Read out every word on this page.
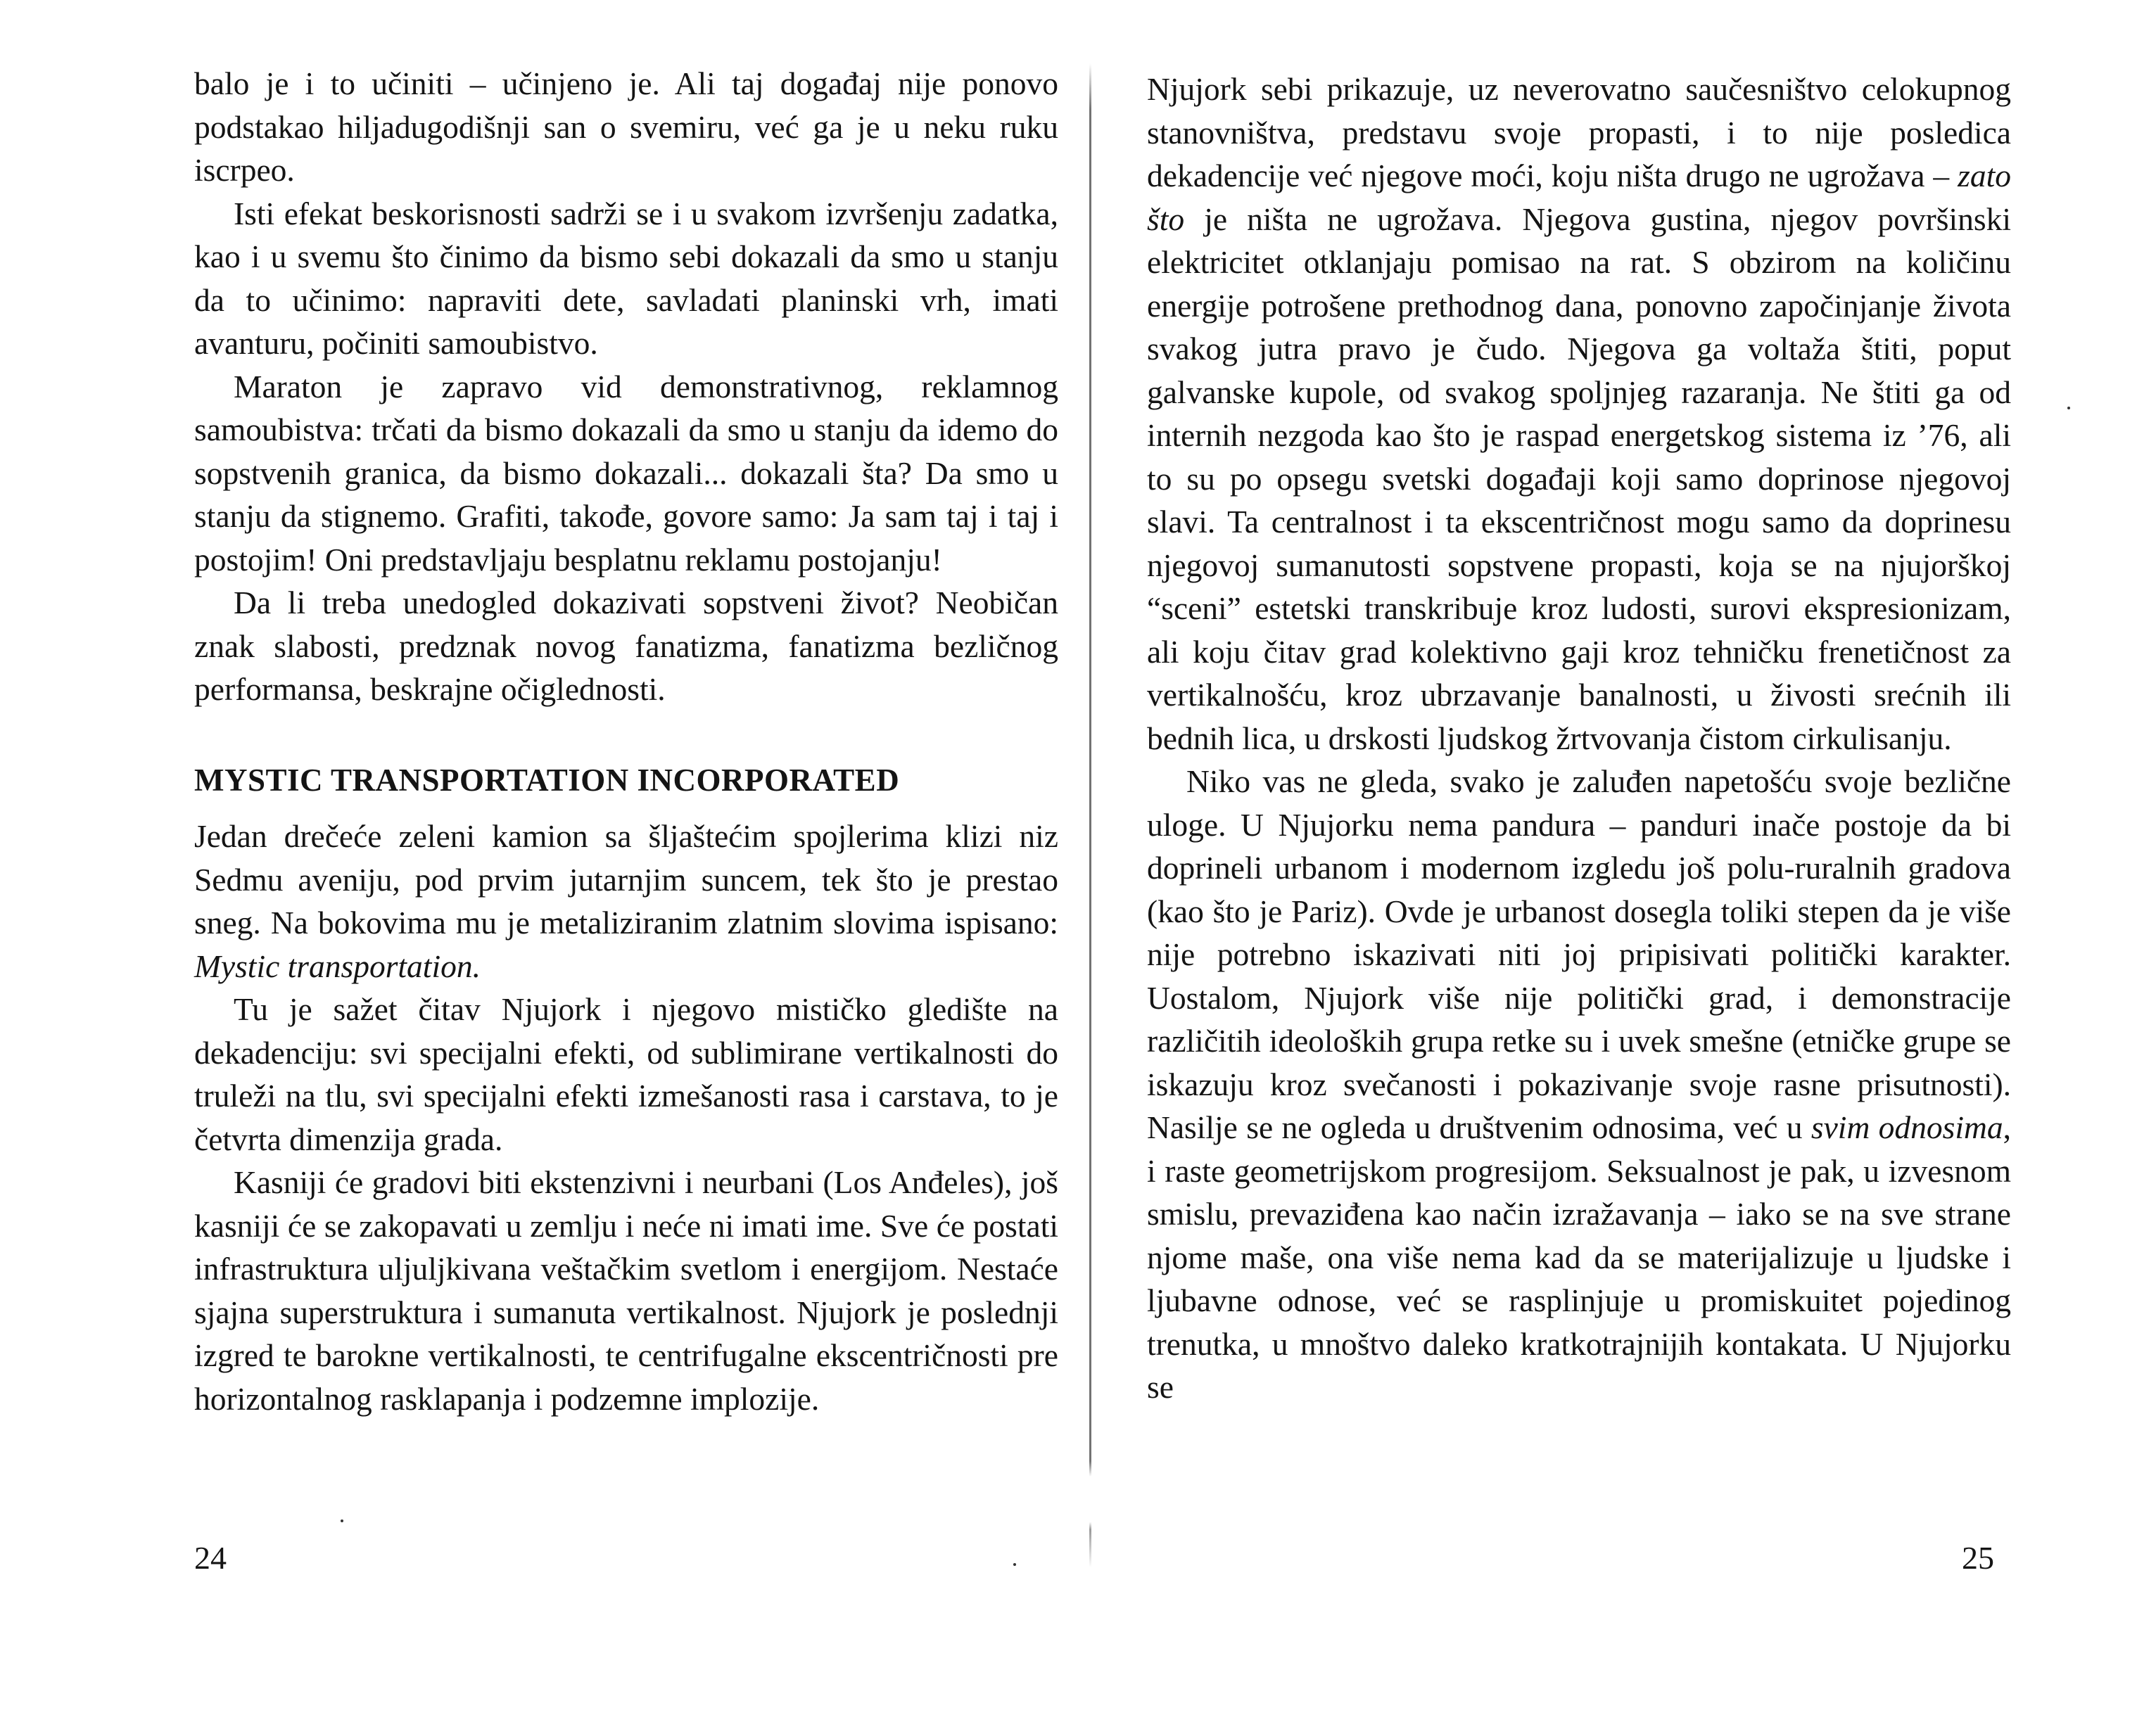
balo je i to učiniti – učinjeno je. Ali taj događaj nije ponovo podstakao hiljadugodišnji san o svemiru, već ga je u neku ruku iscrpeo.

Isti efekat beskorisnosti sadrži se i u svakom izvršenju zadatka, kao i u svemu što činimo da bismo sebi dokazali da smo u stanju da to učinimo: napraviti dete, savladati planinski vrh, imati avanturu, počiniti samoubistvo.

Maraton je zapravo vid demonstrativnog, reklamnog samoubistva: trčati da bismo dokazali da smo u stanju da idemo do sopstvenih granica, da bismo dokazali... dokazali šta? Da smo u stanju da stignemo. Grafiti, takođe, govore samo: Ja sam taj i taj i postojim! Oni predstavljaju besplatnu reklamu postojanju!

Da li treba unedogled dokazivati sopstveni život? Neobičan znak slabosti, predznak novog fanatizma, fanatizma bezličnog performansa, beskrajne očiglednosti.

MYSTIC TRANSPORTATION INCORPORATED

Jedan drečeće zeleni kamion sa šljaštećim spojlerima klizi niz Sedmu aveniju, pod prvim jutarnjim suncem, tek što je prestao sneg. Na bokovima mu je metaliziranim zlatnim slovima ispisano: Mystic transportation.

Tu je sažet čitav Njujork i njegovo mističko gledište na dekadenciju: svi specijalni efekti, od sublimirane vertikalnosti do truleži na tlu, svi specijalni efekti izmešanosti rasa i carstava, to je četvrta dimenzija grada.

Kasniji će gradovi biti ekstenzivni i neurbani (Los Anđeles), još kasniji će se zakopavati u zemlju i neće ni imati ime. Sve će postati infrastruktura uljuljkivana veštačkim svetlom i energijom. Nestaće sjajna superstruktura i sumanuta vertikalnost. Njujork je poslednji izgred te barokne vertikalnosti, te centrifugalne ekscentričnosti pre horizontalnog rasklapanja i podzemne implozije.

24

Njujork sebi prikazuje, uz neverovatno saučesništvo celokupnog stanovništva, predstavu svoje propasti, i to nije posledica dekadencije već njegove moći, koju ništa drugo ne ugrožava – zato što je ništa ne ugrožava. Njegova gustina, njegov površinski elektricitet otklanjaju pomisao na rat. S obzirom na količinu energije potrošene prethodnog dana, ponovno započinjanje života svakog jutra pravo je čudo. Njegova ga voltaža štiti, poput galvanske kupole, od svakog spoljnjeg razaranja. Ne štiti ga od internih nezgoda kao što je raspad energetskog sistema iz ’76, ali to su po opsegu svetski događaji koji samo doprinose njegovoj slavi. Ta centralnost i ta ekscentričnost mogu samo da doprinesu njegovoj sumanutosti sopstvene propasti, koja se na njujorškoj “sceni” estetski transkribuje kroz ludosti, surovi ekspresionizam, ali koju čitav grad kolektivno gaji kroz tehničku frenetičnost za vertikalnošću, kroz ubrzavanje banalnosti, u živosti srećnih ili bednih lica, u drskosti ljudskog žrtvovanja čistom cirkulisanju.

Niko vas ne gleda, svako je zaluđen napetošću svoje bezlične uloge. U Njujorku nema pandura – panduri inače postoje da bi doprineli urbanom i modernom izgledu još polu-ruralnih gradova (kao što je Pariz). Ovde je urbanost dosegla toliki stepen da je više nije potrebno iskazivati niti joj pripisivati politički karakter. Uostalom, Njujork više nije politički grad, i demonstracije različitih ideoloških grupa retke su i uvek smešne (etničke grupe se iskazuju kroz svečanosti i pokazivanje svoje rasne prisutnosti). Nasilje se ne ogleda u društvenim odnosima, već u svim odnosima, i raste geometrijskom progresijom. Seksualnost je pak, u izvesnom smislu, prevaziđena kao način izražavanja – iako se na sve strane njome maše, ona više nema kad da se materijalizuje u ljudske i ljubavne odnose, već se rasplinjuje u promiskuitet pojedinog trenutka, u mnoštvo daleko kratkotrajnijih kontakata. U Njujorku se

25
